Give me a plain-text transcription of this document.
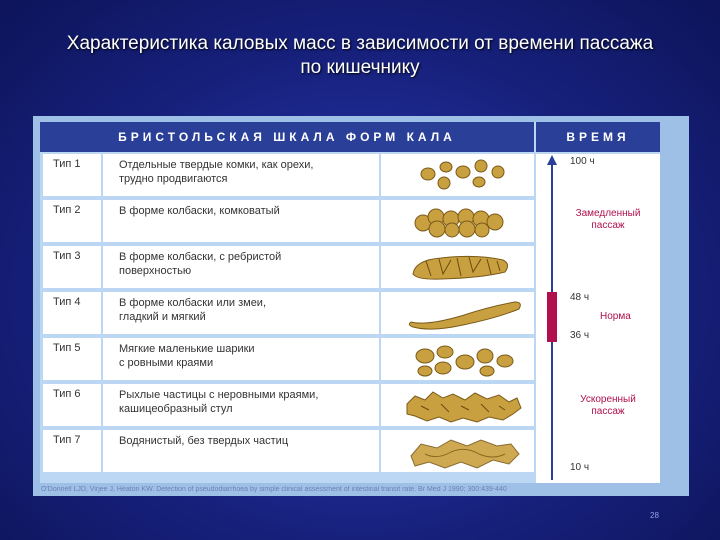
Характеристика каловых масс в зависимости от времени пассажа
по кишечнику
БРИСТОЛЬСКАЯ ШКАЛА ФОРМ КАЛА	ВРЕМЯ
Тип 1	Отдельные твердые комки, как орехи,
трудно продвигаются
Тип 2	В форме колбаски, комковатый
Тип 3	В форме колбаски, с ребристой
поверхностью
Тип 4	В форме колбаски или змеи,
гладкий и мягкий
Тип 5	Мягкие маленькие шарики
с ровными краями
Тип 6	Рыхлые частицы с неровными краями,
кашицеобразный стул
Тип 7	Водянистый, без твердых частиц
100 ч
Замедленный
пассаж
48 ч
Норма
36 ч
Ускоренный
пассаж
10 ч
O'Donnell LJD, Virjee J, Heaton KW. Detection of pseudodiarrhoea by simple clinical assessment of intestinal transit rate. Br Med J 1990; 300:439-440
28
